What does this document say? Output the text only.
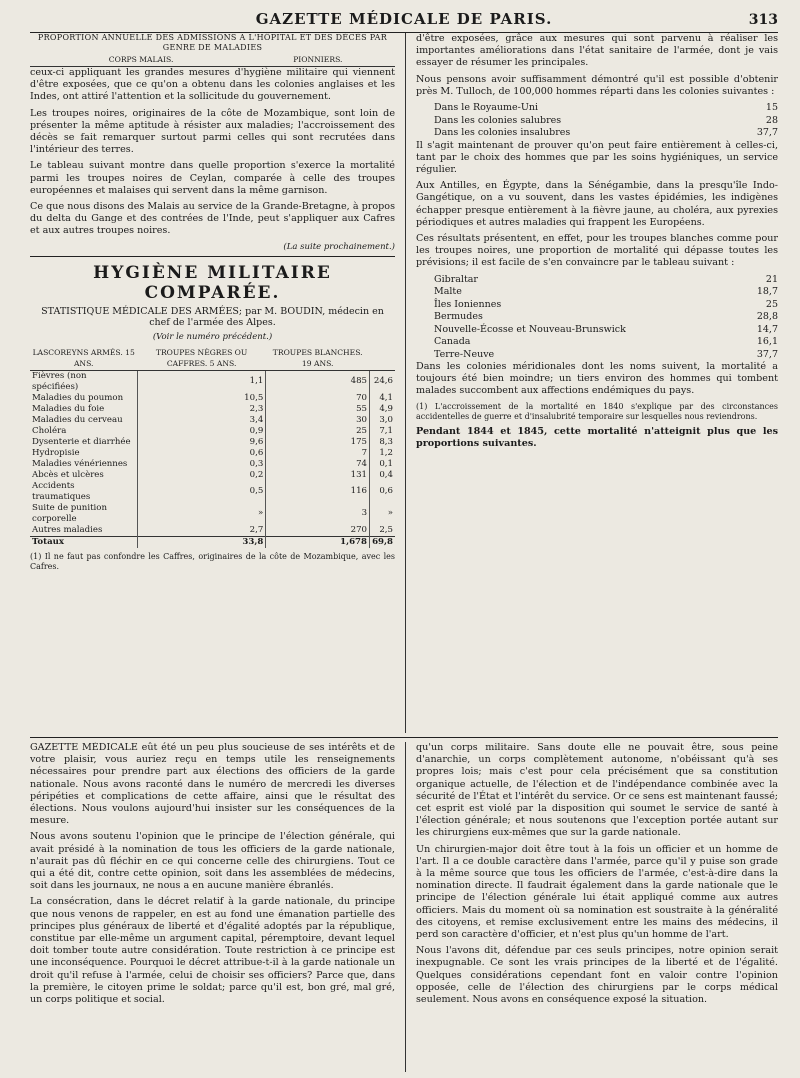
GAZETTE MÉDICALE DE PARIS.	313
PROPORTION ANNUELLE DES ADMISSIONS A L'HÔPITAL ET DES DÉCÈS PAR GENRE DE MALADIES
	CORPS MALAIS.	PIONNIERS.

ceux-ci appliquant les grandes mesures d'hygiène militaire qui viennent d'être exposées, que ce qu'on a obtenu dans les colonies anglaises et les Indes, ont attiré l'attention et la sollicitude du gouvernement.

Les troupes noires, originaires de la côte de Mozambique, sont loin de présenter la même aptitude à résister aux maladies; l'accroissement des décès se fait remarquer surtout parmi celles qui sont recrutées dans l'intérieur des terres.

Le tableau suivant montre dans quelle proportion s'exerce la mortalité parmi les troupes noires de Ceylan, comparée à celle des troupes européennes et malaises qui servent dans la même garnison.

Ce que nous disons des Malais au service de la Grande-Bretagne, à propos du delta du Gange et des contrées de l'Inde, peut s'appliquer aux Cafres et aux autres troupes noires.

(La suite prochainement.)
HYGIÈNE MILITAIRE COMPARÉE.
STATISTIQUE MÉDICALE DES ARMÉES; par M. BOUDIN, médecin en chef de l'armée des Alpes.
(Voir le numéro précédent.)
LASCOREYNS ARMÉS. 15 ANS.	TROUPES NÈGRES OU CAFFRES. 5 ANS.	TROUPES BLANCHES. 19 ANS.	
Fièvres (non spécifiées)	1,1	485	24,6
Maladies du poumon	10,5	70	4,1
Maladies du foie	2,3	55	4,9
Maladies du cerveau	3,4	30	3,0
Choléra	0,9	25	7,1
Dysenterie et diarrhée	9,6	175	8,3
Hydropisie	0,6	7	1,2
Maladies vénériennes	0,3	74	0,1
Abcès et ulcères	0,2	131	0,4
Accidents traumatiques	0,5	116	0,6
Suite de punition corporelle	»	3	»
Autres maladies	2,7	270	2,5
Totaux	33,8	1,678	69,8

(1) Il ne faut pas confondre les Caffres, originaires de la côte de Mozambique, avec les Cafres.

d'être exposées, grâce aux mesures qui sont parvenu à réaliser les importantes améliorations dans l'état sanitaire de l'armée, dont je vais essayer de résumer les principales.

Nous pensons avoir suffisamment démontré qu'il est possible d'obtenir près M. Tulloch, de 100,000 hommes réparti dans les colonies suivantes :

Dans le Royaume-Uni	15
Dans les colonies salubres	28
Dans les colonies insalubres	37,7

Il s'agit maintenant de prouver qu'on peut faire entièrement à celles-ci, tant par le choix des hommes que par les soins hygiéniques, un service régulier.

Aux Antilles, en Égypte, dans la Sénégambie, dans la presqu'île Indo-Gangétique, on a vu souvent, dans les vastes épidémies, les indigènes échapper presque entièrement à la fièvre jaune, au choléra, aux pyrexies périodiques et autres maladies qui frappent les Européens.

Ces résultats présentent, en effet, pour les troupes blanches comme pour les troupes noires, une proportion de mortalité qui dépasse toutes les prévisions; il est facile de s'en convaincre par le tableau suivant :

Gibraltar	21
Malte	18,7
Îles Ioniennes	25
Bermudes	28,8
Nouvelle-Écosse et Nouveau-Brunswick	14,7
Canada	16,1
Terre-Neuve	37,7

Dans les colonies méridionales dont les noms suivent, la mortalité a toujours été bien moindre; un tiers environ des hommes qui tombent malades succombent aux affections endémiques du pays.

(1) L'accroissement de la mortalité en 1840 s'explique par des circonstances accidentelles de guerre et d'insalubrité temporaire sur lesquelles nous reviendrons.

Pendant 1844 et 1845, cette mortalité n'atteignit plus que les proportions suivantes.

GAZETTE MÉDICALE eût été un peu plus soucieuse de ses intérêts et de votre plaisir, vous auriez reçu en temps utile les renseignements nécessaires pour prendre part aux élections des officiers de la garde nationale. Nous avons raconté dans le numéro de mercredi les diverses péripéties et complications de cette affaire, ainsi que le résultat des élections. Nous voulons aujourd'hui insister sur les conséquences de la mesure.

Nous avons soutenu l'opinion que le principe de l'élection générale, qui avait présidé à la nomination de tous les officiers de la garde nationale, n'aurait pas dû fléchir en ce qui concerne celle des chirurgiens. Tout ce qui a été dit, contre cette opinion, soit dans les assemblées de médecins, soit dans les journaux, ne nous a en aucune manière ébranlés.

La consécration, dans le décret relatif à la garde nationale, du principe que nous venons de rappeler, en est au fond une émanation partielle des principes plus généraux de liberté et d'égalité adoptés par la république, constitue par elle-même un argument capital, péremptoire, devant lequel doit tomber toute autre considération. Toute restriction à ce principe est une inconséquence. Pourquoi le décret attribue-t-il à la garde nationale un droit qu'il refuse à l'armée, celui de choisir ses officiers? Parce que, dans la première, le citoyen prime le soldat; parce qu'il est, bon gré, mal gré, un corps politique et social.

qu'un corps militaire. Sans doute elle ne pouvait être, sous peine d'anarchie, un corps complètement autonome, n'obéissant qu'à ses propres lois; mais c'est pour cela précisément que sa constitution organique actuelle, de l'élection et de l'indépendance combinée avec la sécurité de l'État et l'intérêt du service. Or ce sens est maintenant faussé; cet esprit est violé par la disposition qui soumet le service de santé à l'élection générale; et nous soutenons que l'exception portée autant sur les chirurgiens eux-mêmes que sur la garde nationale.

Un chirurgien-major doit être tout à la fois un officier et un homme de l'art. Il a ce double caractère dans l'armée, parce qu'il y puise son grade à la même source que tous les officiers de l'armée, c'est-à-dire dans la nomination directe. Il faudrait également dans la garde nationale que le principe de l'élection générale lui était appliqué comme aux autres officiers. Mais du moment où sa nomination est soustraite à la généralité des citoyens, et remise exclusivement entre les mains des médecins, il perd son caractère d'officier, et n'est plus qu'un homme de l'art.

Nous l'avons dit, défendue par ces seuls principes, notre opinion serait inexpugnable. Ce sont les vrais principes de la liberté et de l'égalité. Quelques considérations cependant font en valoir contre l'opinion opposée, celle de l'élection des chirurgiens par le corps médical seulement. Nous avons en conséquence exposé la situation.
